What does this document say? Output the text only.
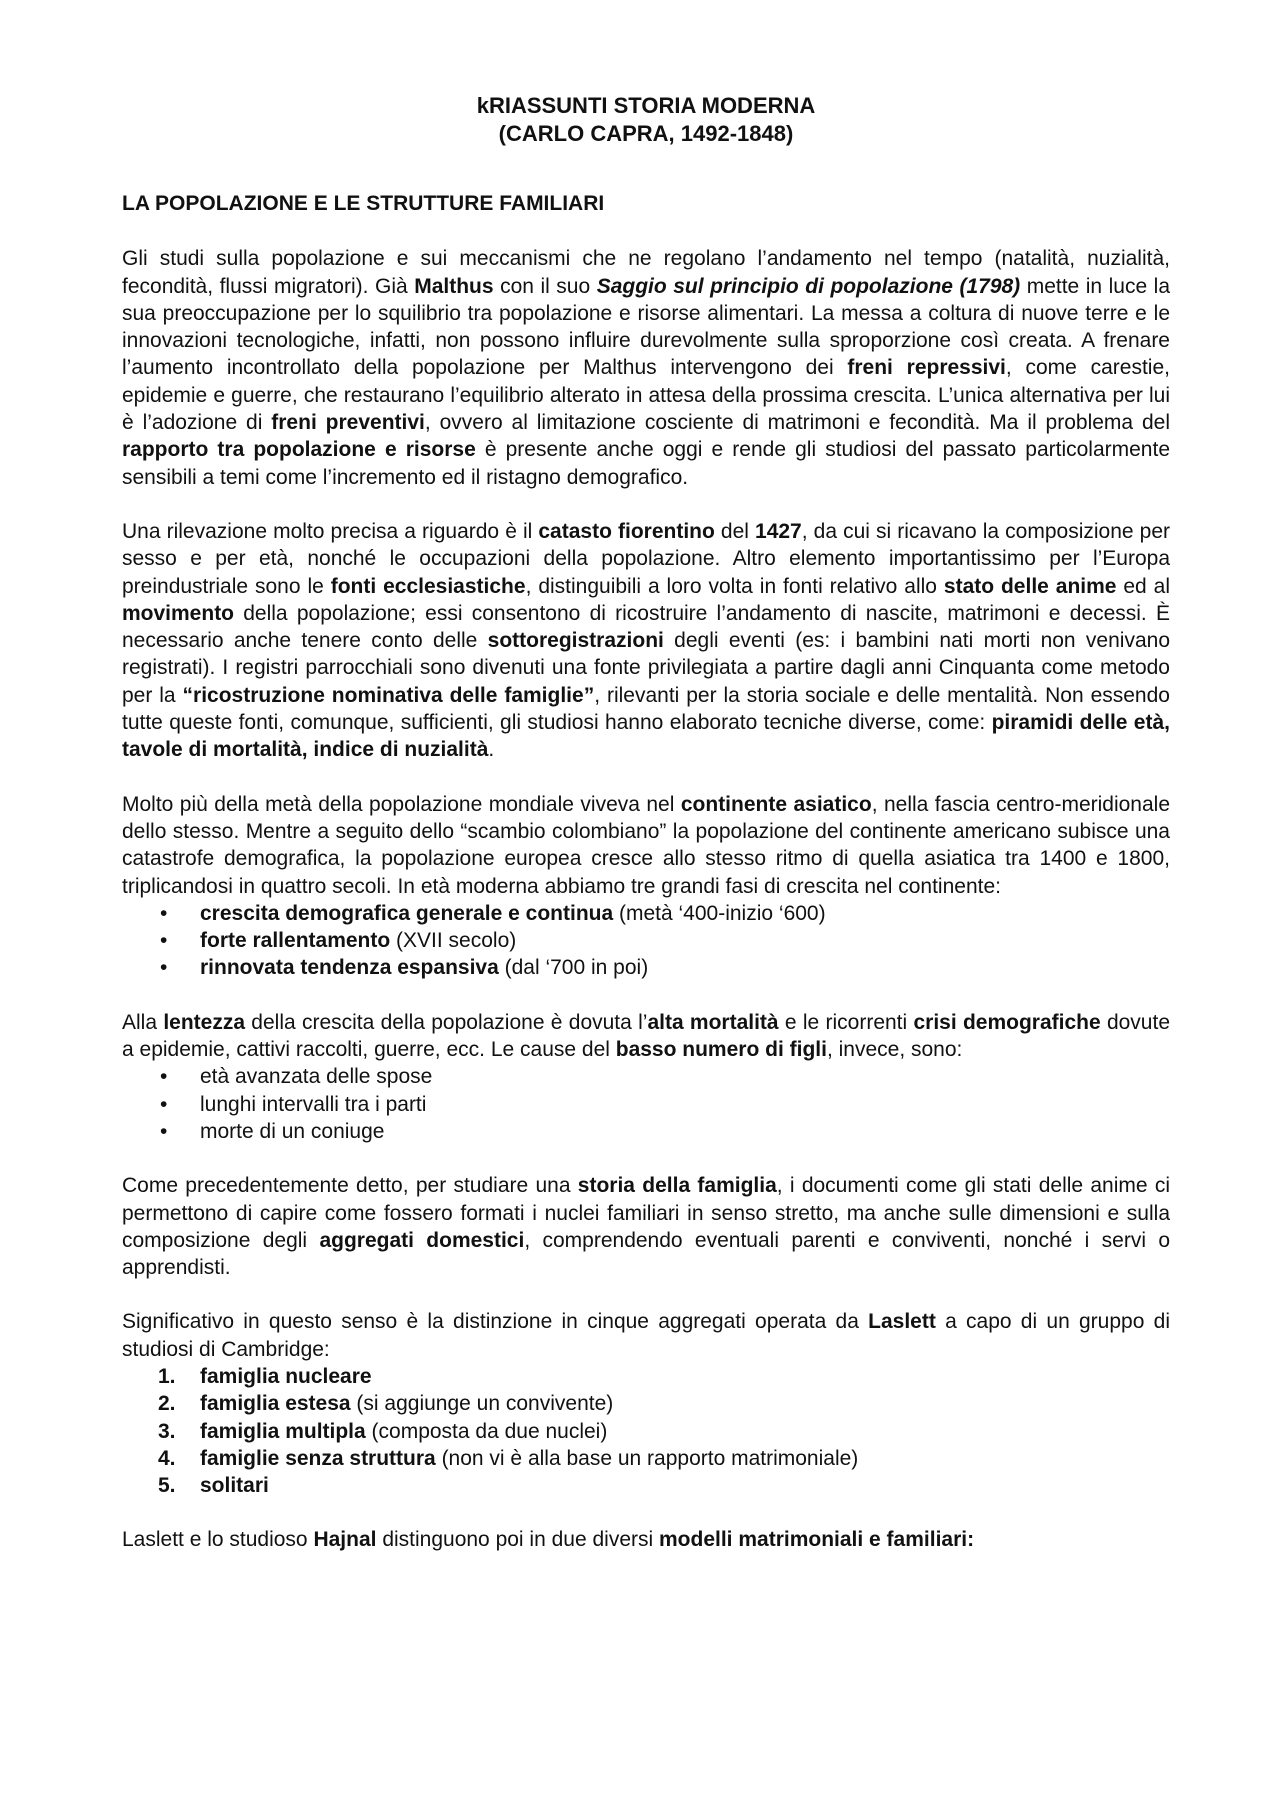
kRIASSUNTI STORIA MODERNA
(CARLO CAPRA, 1492-1848)
LA POPOLAZIONE E LE STRUTTURE FAMILIARI

Gli studi sulla popolazione e sui meccanismi che ne regolano l’andamento nel tempo (natalità, nuzialità, fecondità, flussi migratori). Già Malthus con il suo Saggio sul principio di popolazione (1798) mette in luce la sua preoccupazione per lo squilibrio tra popolazione e risorse alimentari. La messa a coltura di nuove terre e le innovazioni tecnologiche, infatti, non possono influire durevolmente sulla sproporzione così creata. A frenare l’aumento incontrollato della popolazione per Malthus intervengono dei freni repressivi, come carestie, epidemie e guerre, che restaurano l’equilibrio alterato in attesa della prossima crescita. L’unica alternativa per lui è l’adozione di freni preventivi, ovvero al limitazione cosciente di matrimoni e fecondità. Ma il problema del rapporto tra popolazione e risorse è presente anche oggi e rende gli studiosi del passato particolarmente sensibili a temi come l’incremento ed il ristagno demografico.

Una rilevazione molto precisa a riguardo è il catasto fiorentino del 1427, da cui si ricavano la composizione per sesso e per età, nonché le occupazioni della popolazione. Altro elemento importantissimo per l’Europa preindustriale sono le fonti ecclesiastiche, distinguibili a loro volta in fonti relativo allo stato delle anime ed al movimento della popolazione; essi consentono di ricostruire l’andamento di nascite, matrimoni e decessi. È necessario anche tenere conto delle sottoregistrazioni degli eventi (es: i bambini nati morti non venivano registrati). I registri parrocchiali sono divenuti una fonte privilegiata a partire dagli anni Cinquanta come metodo per la “ricostruzione nominativa delle famiglie”, rilevanti per la storia sociale e delle mentalità. Non essendo tutte queste fonti, comunque, sufficienti, gli studiosi hanno elaborato tecniche diverse, come: piramidi delle età, tavole di mortalità, indice di nuzialità.

Molto più della metà della popolazione mondiale viveva nel continente asiatico, nella fascia centro-meridionale dello stesso. Mentre a seguito dello “scambio colombiano” la popolazione del continente americano subisce una catastrofe demografica, la popolazione europea cresce allo stesso ritmo di quella asiatica tra 1400 e 1800, triplicandosi in quattro secoli. In età moderna abbiamo tre grandi fasi di crescita nel continente:

• crescita demografica generale e continua (metà ‘400-inizio ‘600)
• forte rallentamento (XVII secolo)
• rinnovata tendenza espansiva (dal ‘700 in poi)

Alla lentezza della crescita della popolazione è dovuta l’alta mortalità e le ricorrenti crisi demografiche dovute a epidemie, cattivi raccolti, guerre, ecc. Le cause del basso numero di figli, invece, sono:

• età avanzata delle spose
• lunghi intervalli tra i parti
• morte di un coniuge

Come precedentemente detto, per studiare una storia della famiglia, i documenti come gli stati delle anime ci permettono di capire come fossero formati i nuclei familiari in senso stretto, ma anche sulle dimensioni e sulla composizione degli aggregati domestici, comprendendo eventuali parenti e conviventi, nonché i servi o apprendisti.

Significativo in questo senso è la distinzione in cinque aggregati operata da Laslett a capo di un gruppo di studiosi di Cambridge:

1. famiglia nucleare
2. famiglia estesa (si aggiunge un convivente)
3. famiglia multipla (composta da due nuclei)
4. famiglie senza struttura (non vi è alla base un rapporto matrimoniale)
5. solitari

Laslett e lo studioso Hajnal distinguono poi in due diversi modelli matrimoniali e familiari:
